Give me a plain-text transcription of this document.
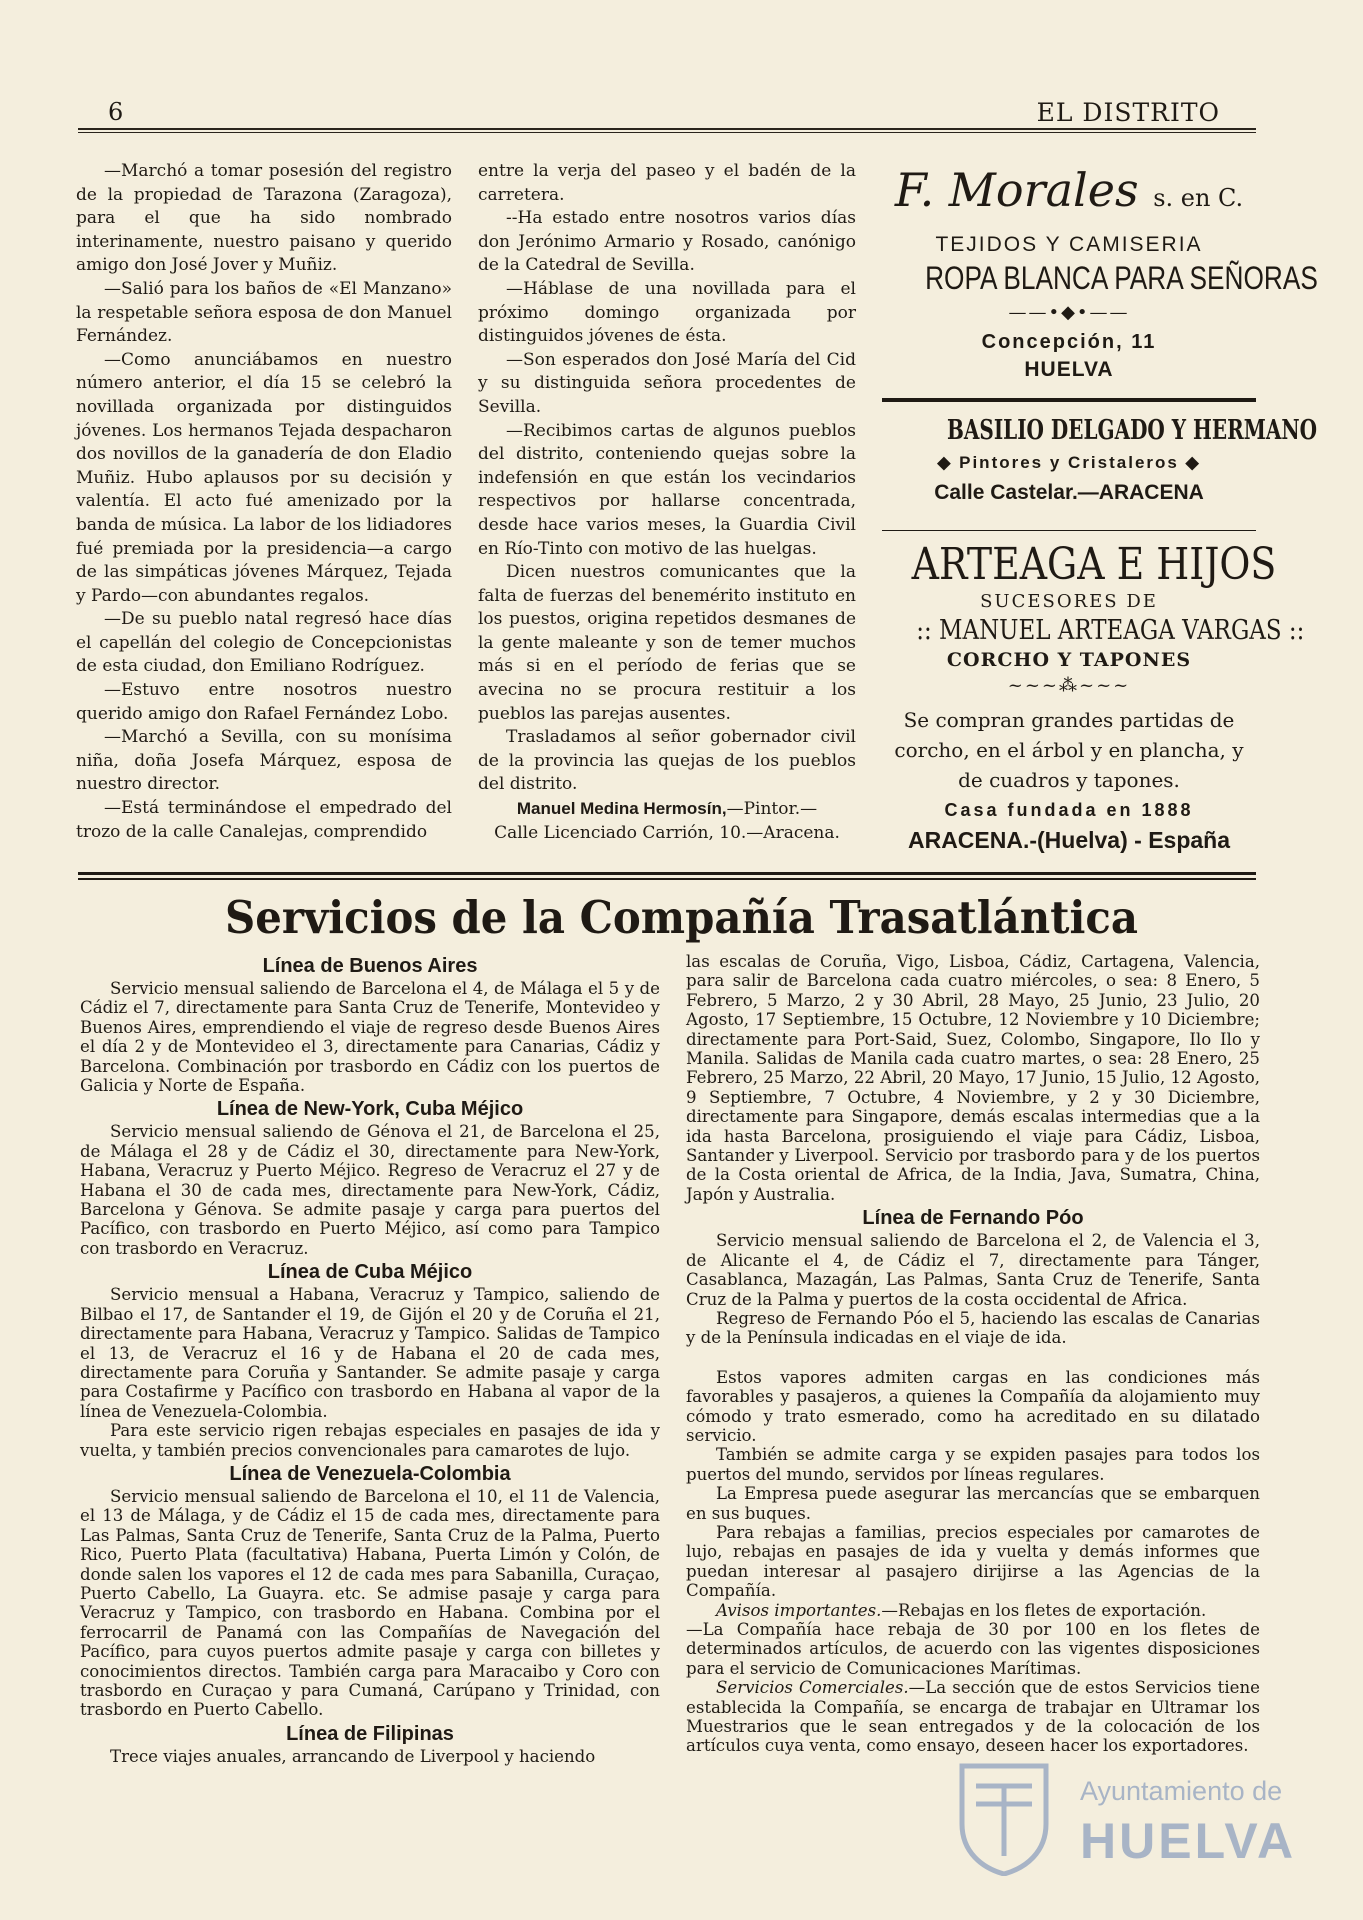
6	EL DISTRITO

—Marchó a tomar posesión del registro de la propiedad de Tarazona (Zaragoza), para el que ha sido nombrado interinamente, nuestro paisano y querido amigo don José Jover y Muñiz.

—Salió para los baños de «El Manzano» la respetable señora esposa de don Manuel Fernández.

—Como anunciábamos en nuestro número anterior, el día 15 se celebró la novillada organizada por distinguidos jóvenes. Los hermanos Tejada despacharon dos novillos de la ganadería de don Eladio Muñiz. Hubo aplausos por su decisión y valentía. El acto fué amenizado por la banda de música. La labor de los lidiadores fué premiada por la presidencia—a cargo de las simpáticas jóvenes Márquez, Tejada y Pardo—con abundantes regalos.

—De su pueblo natal regresó hace días el capellán del colegio de Concepcionistas de esta ciudad, don Emiliano Rodríguez.

—Estuvo entre nosotros nuestro querido amigo don Rafael Fernández Lobo.

—Marchó a Sevilla, con su monísima niña, doña Josefa Márquez, esposa de nuestro director.

—Está terminándose el empedrado del trozo de la calle Canalejas, comprendido

entre la verja del paseo y el badén de la carretera.

--Ha estado entre nosotros varios días don Jerónimo Armario y Rosado, canónigo de la Catedral de Sevilla.

—Háblase de una novillada para el próximo domingo organizada por distinguidos jóvenes de ésta.

—Son esperados don José María del Cid y su distinguida señora procedentes de Sevilla.

—Recibimos cartas de algunos pueblos del distrito, conteniendo quejas sobre la indefensión en que están los vecindarios respectivos por hallarse concentrada, desde hace varios meses, la Guardia Civil en Río-Tinto con motivo de las huelgas.

Dicen nuestros comunicantes que la falta de fuerzas del benemérito instituto en los puestos, origina repetidos desmanes de la gente maleante y son de temer muchos más si en el período de ferias que se avecina no se procura restituir a los pueblos las parejas ausentes.

Trasladamos al señor gobernador civil de la provincia las quejas de los pueblos del distrito.

Manuel Medina Hermosín,—Pintor.—
Calle Licenciado Carrión, 10.—Aracena.

F. Morales s. en C.
TEJIDOS Y CAMISERIA
ROPA BLANCA PARA SEÑORAS
——•◆•——
Concepción, 11
HUELVA
BASILIO DELGADO Y HERMANO
◆ Pintores y Cristaleros ◆
Calle Castelar.—ARACENA
ARTEAGA E HIJOS
SUCESORES DE
:: MANUEL ARTEAGA VARGAS ::
CORCHO Y TAPONES
~~~⁂~~~
Se compran grandes partidas de corcho, en el árbol y en plancha, y de cuadros y tapones.
Casa fundada en 1888
ARACENA.-(Huelva) - España
Servicios de la Compañía Trasatlántica
Línea de Buenos Aires

Servicio mensual saliendo de Barcelona el 4, de Málaga el 5 y de Cádiz el 7, directamente para Santa Cruz de Tenerife, Montevideo y Buenos Aires, emprendiendo el viaje de regreso desde Buenos Aires el día 2 y de Montevideo el 3, directamente para Canarias, Cádiz y Barcelona. Combinación por trasbordo en Cádiz con los puertos de Galicia y Norte de España.

Línea de New-York, Cuba Méjico

Servicio mensual saliendo de Génova el 21, de Barcelona el 25, de Málaga el 28 y de Cádiz el 30, directamente para New-York, Habana, Veracruz y Puerto Méjico. Regreso de Veracruz el 27 y de Habana el 30 de cada mes, directamente para New-York, Cádiz, Barcelona y Génova. Se admite pasaje y carga para puertos del Pacífico, con trasbordo en Puerto Méjico, así como para Tampico con trasbordo en Veracruz.

Línea de Cuba Méjico

Servicio mensual a Habana, Veracruz y Tampico, saliendo de Bilbao el 17, de Santander el 19, de Gijón el 20 y de Coruña el 21, directamente para Habana, Veracruz y Tampico. Salidas de Tampico el 13, de Veracruz el 16 y de Habana el 20 de cada mes, directamente para Coruña y Santander. Se admite pasaje y carga para Costafirme y Pacífico con trasbordo en Habana al vapor de la línea de Venezuela-Colombia.

Para este servicio rigen rebajas especiales en pasajes de ida y vuelta, y también precios convencionales para camarotes de lujo.

Línea de Venezuela-Colombia

Servicio mensual saliendo de Barcelona el 10, el 11 de Valencia, el 13 de Málaga, y de Cádiz el 15 de cada mes, directamente para Las Palmas, Santa Cruz de Tenerife, Santa Cruz de la Palma, Puerto Rico, Puerto Plata (facultativa) Habana, Puerta Limón y Colón, de donde salen los vapores el 12 de cada mes para Sabanilla, Curaçao, Puerto Cabello, La Guayra. etc. Se admise pasaje y carga para Veracruz y Tampico, con trasbordo en Habana. Combina por el ferrocarril de Panamá con las Compañías de Navegación del Pacífico, para cuyos puertos admite pasaje y carga con billetes y conocimientos directos. También carga para Maracaibo y Coro con trasbordo en Curaçao y para Cumaná, Carúpano y Trinidad, con trasbordo en Puerto Cabello.

Línea de Filipinas

Trece viajes anuales, arrancando de Liverpool y haciendo

las escalas de Coruña, Vigo, Lisboa, Cádiz, Cartagena, Valencia, para salir de Barcelona cada cuatro miércoles, o sea: 8 Enero, 5 Febrero, 5 Marzo, 2 y 30 Abril, 28 Mayo, 25 Junio, 23 Julio, 20 Agosto, 17 Septiembre, 15 Octubre, 12 Noviembre y 10 Diciembre; directamente para Port-Said, Suez, Colombo, Singapore, Ilo Ilo y Manila. Salidas de Manila cada cuatro martes, o sea: 28 Enero, 25 Febrero, 25 Marzo, 22 Abril, 20 Mayo, 17 Junio, 15 Julio, 12 Agosto, 9 Septiembre, 7 Octubre, 4 Noviembre, y 2 y 30 Diciembre, directamente para Singapore, demás escalas intermedias que a la ida hasta Barcelona, prosiguiendo el viaje para Cádiz, Lisboa, Santander y Liverpool. Servicio por trasbordo para y de los puertos de la Costa oriental de Africa, de la India, Java, Sumatra, China, Japón y Australia.

Línea de Fernando Póo

Servicio mensual saliendo de Barcelona el 2, de Valencia el 3, de Alicante el 4, de Cádiz el 7, directamente para Tánger, Casablanca, Mazagán, Las Palmas, Santa Cruz de Tenerife, Santa Cruz de la Palma y puertos de la costa occidental de Africa.

Regreso de Fernando Póo el 5, haciendo las escalas de Canarias y de la Península indicadas en el viaje de ida.

Estos vapores admiten cargas en las condiciones más favorables y pasajeros, a quienes la Compañía da alojamiento muy cómodo y trato esmerado, como ha acreditado en su dilatado servicio.

También se admite carga y se expiden pasajes para todos los puertos del mundo, servidos por líneas regulares.

La Empresa puede asegurar las mercancías que se embarquen en sus buques.

Para rebajas a familias, precios especiales por camarotes de lujo, rebajas en pasajes de ida y vuelta y demás informes que puedan interesar al pasajero dirijirse a las Agencias de la Compañía.

Avisos importantes.—Rebajas en los fletes de exportación.

—La Compañía hace rebaja de 30 por 100 en los fletes de determinados artículos, de acuerdo con las vigentes disposiciones para el servicio de Comunicaciones Marítimas.

Servicios Comerciales.—La sección que de estos Servicios tiene establecida la Compañía, se encarga de trabajar en Ultramar los Muestrarios que le sean entregados y de la colocación de los artículos cuya venta, como ensayo, deseen hacer los exportadores.

Ayuntamiento de
HUELVA
